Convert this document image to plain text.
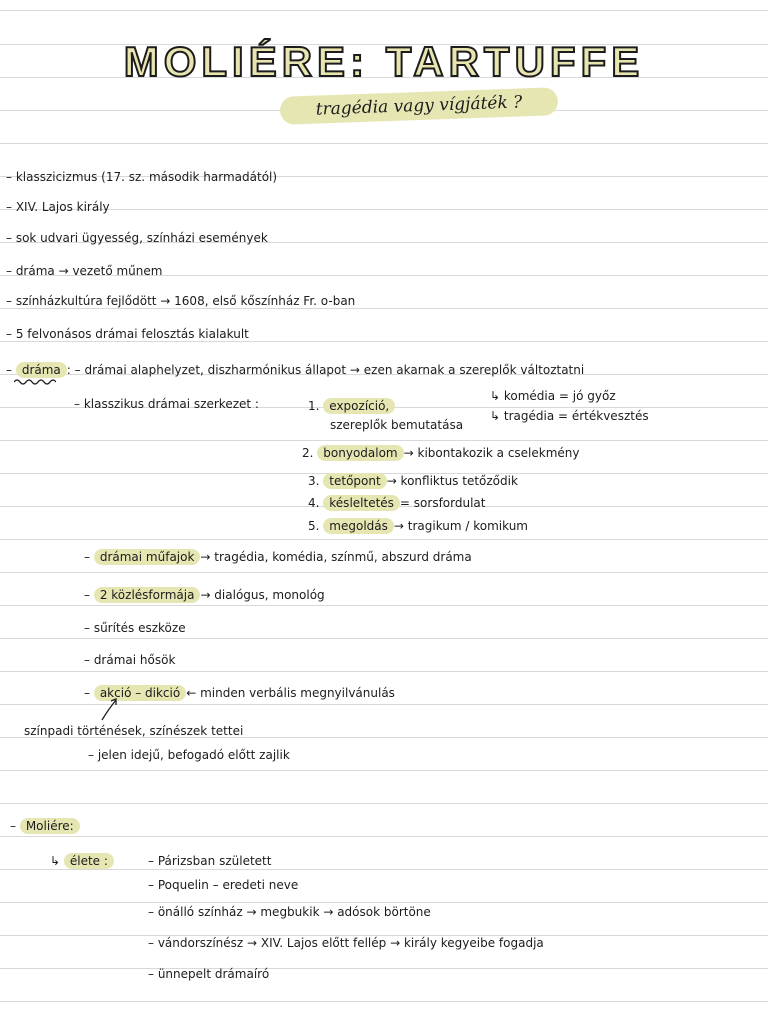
MOLIÉRE: TARTUFFE
tragédia vagy vígjáték ?
– klasszicizmus (17. sz. második harmadától)
– XIV. Lajos király
– sok udvari ügyesség, színházi események
– dráma → vezető műnem
– színházkultúra fejlődött → 1608, első kőszínház Fr. o-ban
– 5 felvonásos drámai felosztás kialakult
– dráma : – drámai alaphelyzet, diszharmónikus állapot → ezen akarnak a szereplők változtatni
↳ komédia = jó győz
↳ tragédia = értékvesztés
– klasszikus drámai szerkezet :	1. expozíció,
szereplők bemutatása
2. bonyodalom → kibontakozik a cselekmény
3. tetőpont → konfliktus tetőződik
4. késleltetés = sorsfordulat
5. megoldás → tragikum / komikum
– drámai műfajok → tragédia, komédia, színmű, abszurd dráma
– 2 közlésformája → dialógus, monológ
– sűrítés eszköze
– drámai hősök
– akció – dikció ← minden verbális megnyilvánulás
színpadi történések, színészek tettei
– jelen idejű, befogadó előtt zajlik
– Moliére:
↳ élete :	– Párizsban született
– Poquelin – eredeti neve
– önálló színház → megbukik → adósok börtöne
– vándorszínész → XIV. Lajos előtt fellép → király kegyeibe fogadja
– ünnepelt drámaíró
